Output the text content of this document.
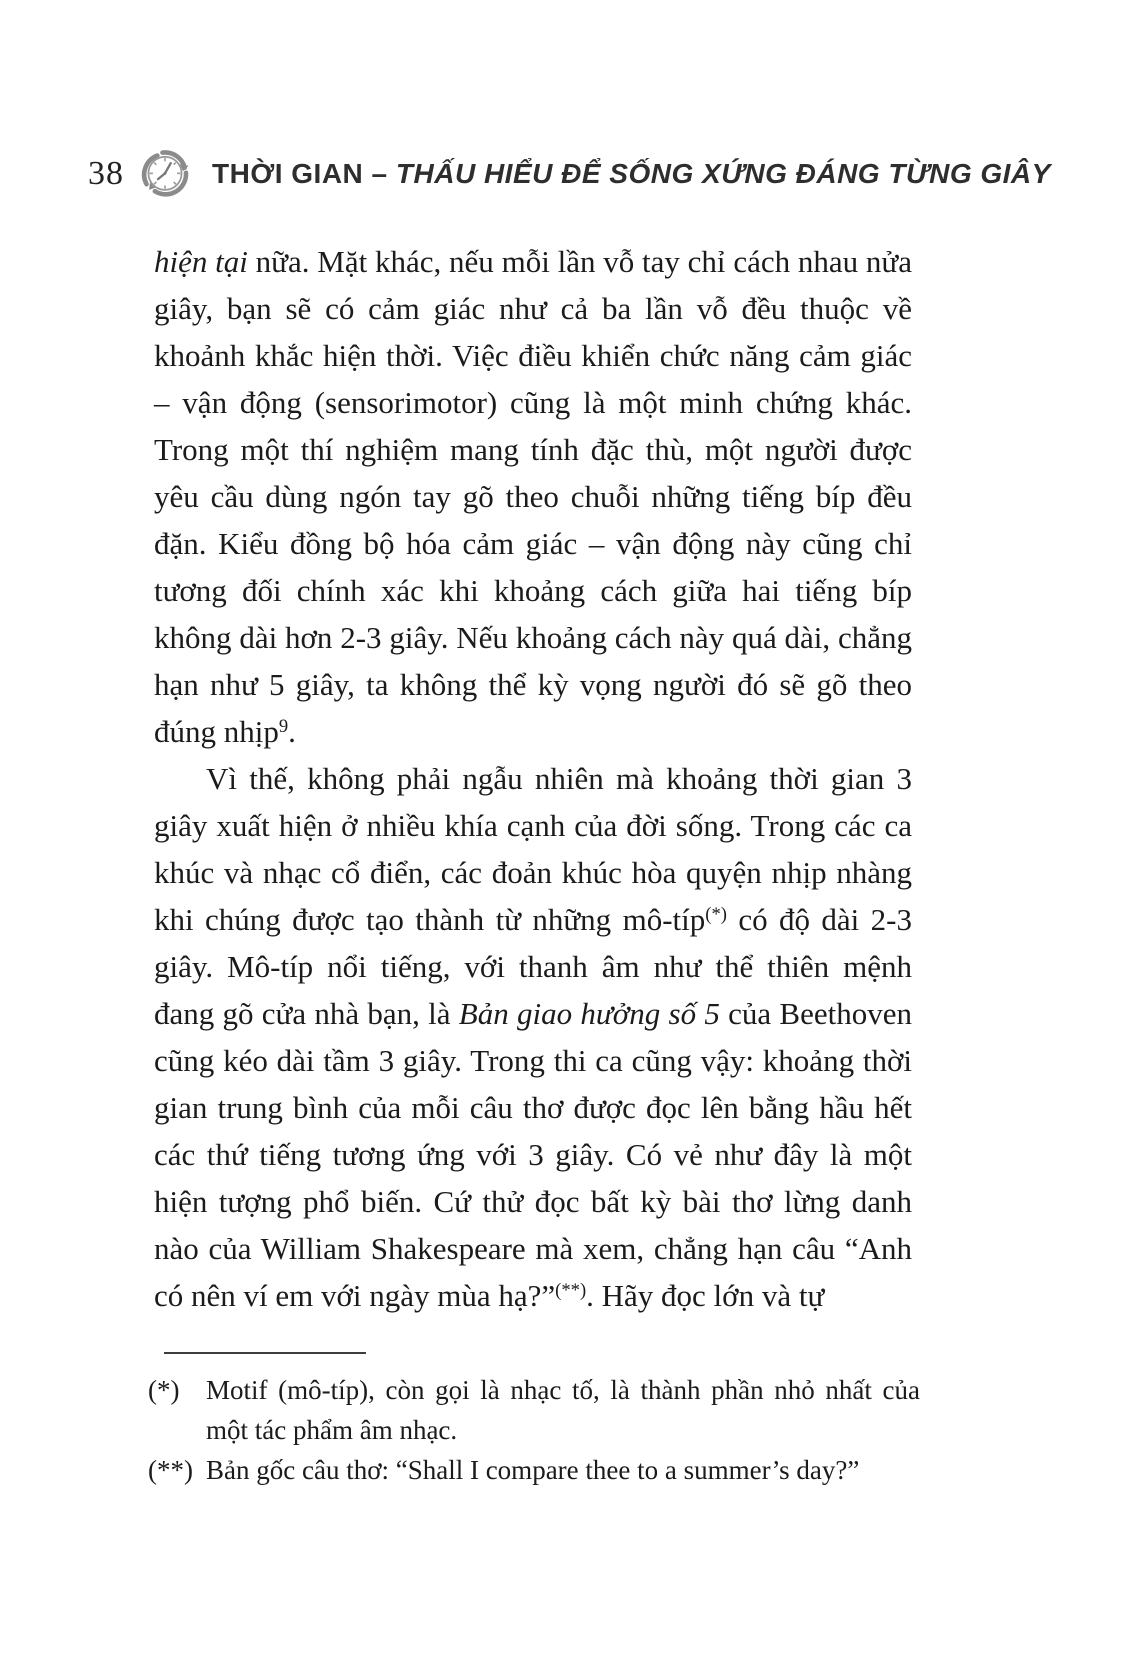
38	THỜI GIAN – THẤU HIỂU ĐỂ SỐNG XỨNG ĐÁNG TỪNG GIÂY

hiện tại nữa. Mặt khác, nếu mỗi lần vỗ tay chỉ cách nhau nửa giây, bạn sẽ có cảm giác như cả ba lần vỗ đều thuộc về khoảnh khắc hiện thời. Việc điều khiển chức năng cảm giác – vận động (sensorimotor) cũng là một minh chứng khác. Trong một thí nghiệm mang tính đặc thù, một người được yêu cầu dùng ngón tay gõ theo chuỗi những tiếng bíp đều đặn. Kiểu đồng bộ hóa cảm giác – vận động này cũng chỉ tương đối chính xác khi khoảng cách giữa hai tiếng bíp không dài hơn 2-3 giây. Nếu khoảng cách này quá dài, chẳng hạn như 5 giây, ta không thể kỳ vọng người đó sẽ gõ theo đúng nhịp$^9$.

Vì thế, không phải ngẫu nhiên mà khoảng thời gian 3 giây xuất hiện ở nhiều khía cạnh của đời sống. Trong các ca khúc và nhạc cổ điển, các đoản khúc hòa quyện nhịp nhàng khi chúng được tạo thành từ những mô-típ(*) có độ dài 2-3 giây. Mô-típ nổi tiếng, với thanh âm như thể thiên mệnh đang gõ cửa nhà bạn, là Bản giao hưởng số 5 của Beethoven cũng kéo dài tầm 3 giây. Trong thi ca cũng vậy: khoảng thời gian trung bình của mỗi câu thơ được đọc lên bằng hầu hết các thứ tiếng tương ứng với 3 giây. Có vẻ như đây là một hiện tượng phổ biến. Cứ thử đọc bất kỳ bài thơ lừng danh nào của William Shakespeare mà xem, chẳng hạn câu “Anh có nên ví em với ngày mùa hạ?”(**). Hãy đọc lớn và tự

(*) Motif (mô-típ), còn gọi là nhạc tố, là thành phần nhỏ nhất của một tác phẩm âm nhạc.
(**) Bản gốc câu thơ: “Shall I compare thee to a summer’s day?”
